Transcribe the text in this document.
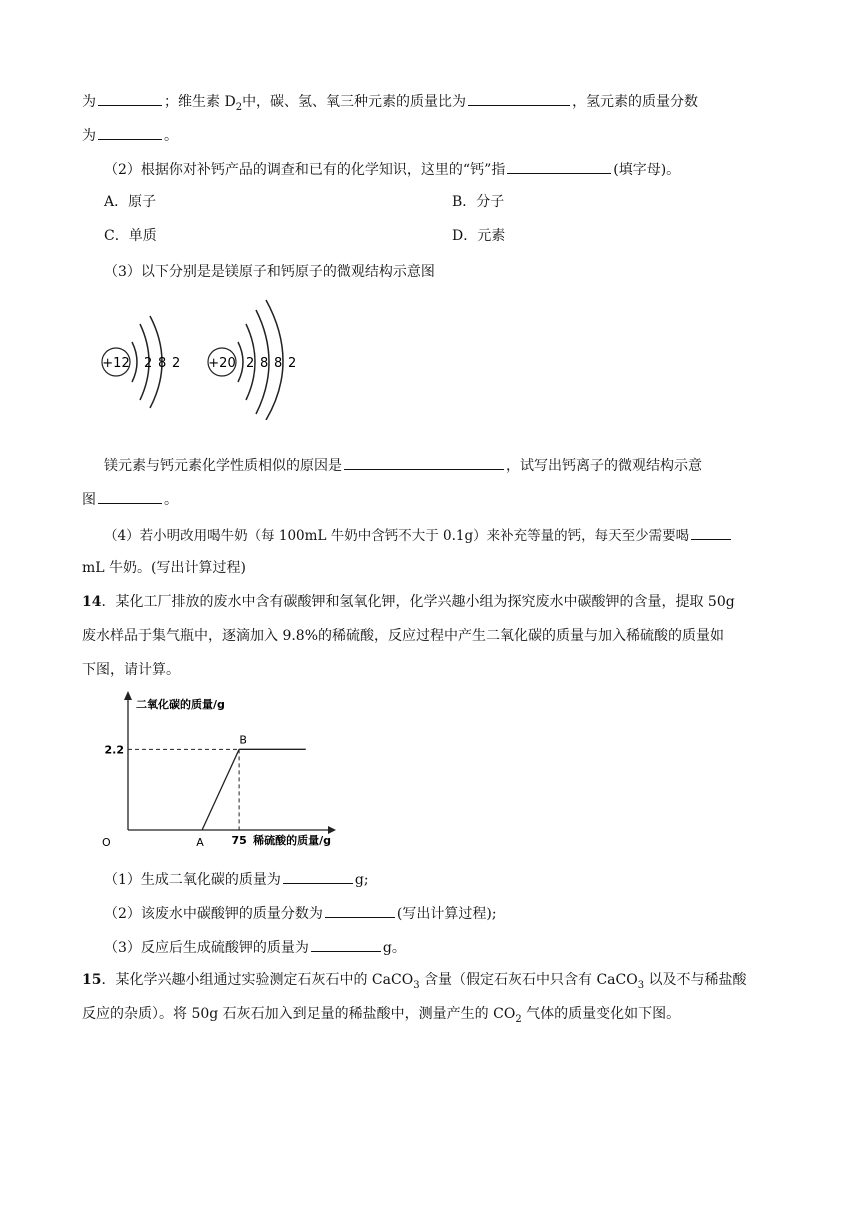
为	；维生素 $D_2$中，碳、氢、氧三种元素的质量比为	，氢元素的质量分数
为	。
（2）根据你对补钙产品的调查和已有的化学知识，这里的“钙”指	(填字母)。
A．原子	B．分子
C．单质	D．元素
（3）以下分别是是镁原子和钙原子的微观结构示意图
+12 2 8 2 +20 2 8 8 2
镁元素与钙元素化学性质相似的原因是	，试写出钙离子的微观结构示意
图	。
（4）若小明改用喝牛奶（每 100mL 牛奶中含钙不大于 0.1g）来补充等量的钙，每天至少需要喝
mL 牛奶。(写出计算过程)
14．某化工厂排放的废水中含有碳酸钾和氢氧化钾，化学兴趣小组为探究废水中碳酸钾的含量，提取 50g
废水样品于集气瓶中，逐滴加入 9.8%的稀硫酸，反应过程中产生二氧化碳的质量与加入稀硫酸的质量如
下图，请计算。
二氧化碳的质量/g
O
2.2
A
B
75 稀硫酸的质量/g
（1）生成二氧化碳的质量为	g;
（2）该废水中碳酸钾的质量分数为	(写出计算过程);
（3）反应后生成硫酸钾的质量为	g。
15．某化学兴趣小组通过实验测定石灰石中的 CaCO$_3$ 含量（假定石灰石中只含有 CaCO$_3$ 以及不与稀盐酸
反应的杂质）。将 50g 石灰石加入到足量的稀盐酸中，测量产生的 $CO_2$ 气体的质量变化如下图。
